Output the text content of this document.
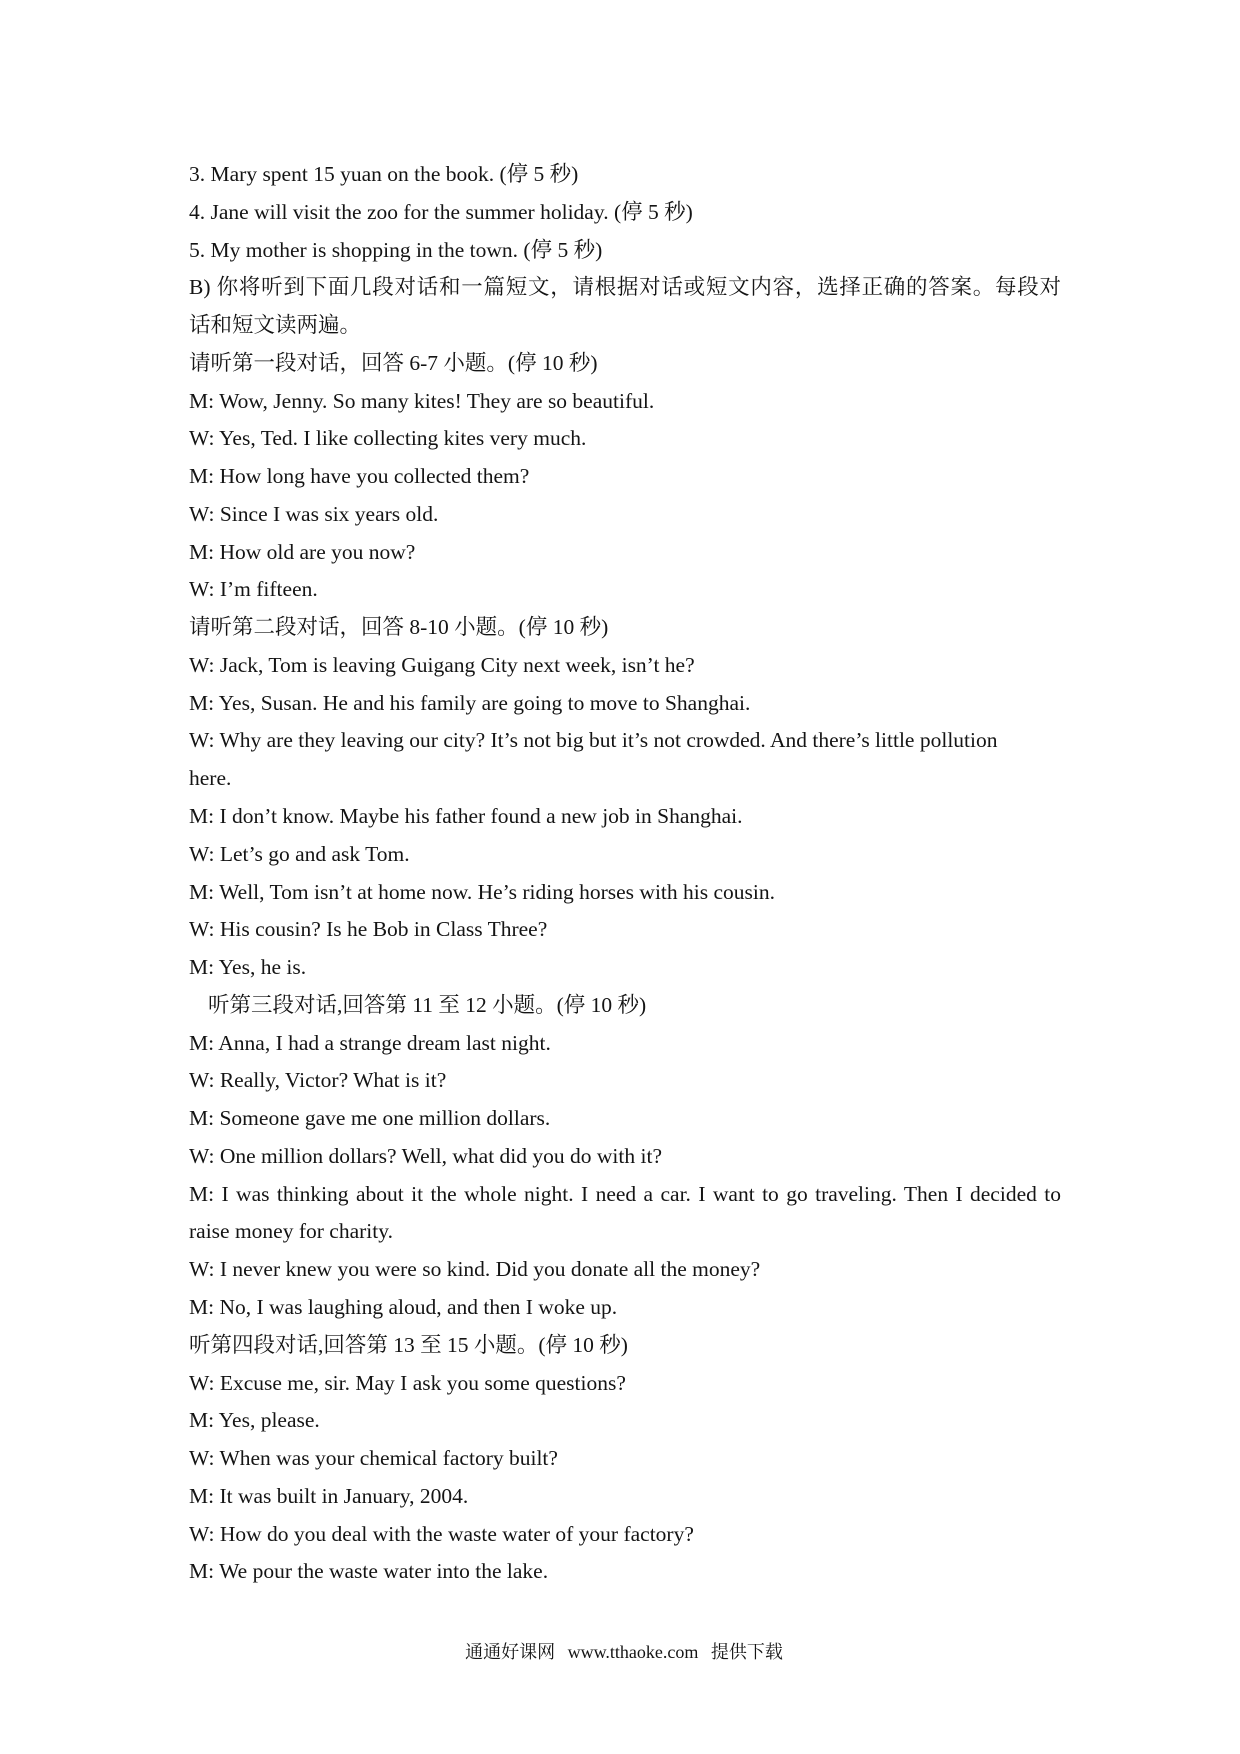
3. Mary spent 15 yuan on the book. (停 5 秒)
4. Jane will visit the zoo for the summer holiday. (停 5 秒)
5. My mother is shopping in the town. (停 5 秒)
B) 你将听到下面几段对话和一篇短文，请根据对话或短文内容，选择正确的答案。每段对
话和短文读两遍。
请听第一段对话，回答 6-7 小题。(停 10 秒)
M: Wow, Jenny. So many kites! They are so beautiful.
W: Yes, Ted. I like collecting kites very much.
M: How long have you collected them?
W: Since I was six years old.
M: How old are you now?
W: I’m fifteen.
请听第二段对话，回答 8-10 小题。(停 10 秒)
W: Jack, Tom is leaving Guigang City next week, isn’t he?
M: Yes, Susan. He and his family are going to move to Shanghai.
W: Why are they leaving our city? It’s not big but it’s not crowded. And there’s little pollution
here.
M: I don’t know. Maybe his father found a new job in Shanghai.
W: Let’s go and ask Tom.
M: Well, Tom isn’t at home now. He’s riding horses with his cousin.
W: His cousin? Is he Bob in Class Three?
M: Yes, he is.
听第三段对话,回答第 11 至 12 小题。(停 10 秒)
M: Anna, I had a strange dream last night.
W: Really, Victor? What is it?
M: Someone gave me one million dollars.
W: One million dollars? Well, what did you do with it?
M: I was thinking about it the whole night. I need a car. I want to go traveling. Then I decided to
raise money for charity.
W: I never knew you were so kind. Did you donate all the money?
M: No, I was laughing aloud, and then I woke up.
听第四段对话,回答第 13 至 15 小题。(停 10 秒)
W: Excuse me, sir. May I ask you some questions?
M: Yes, please.
W: When was your chemical factory built?
M: It was built in January, 2004.
W: How do you deal with the waste water of your factory?
M: We pour the waste water into the lake.
通通好课网 www.tthaoke.com 提供下载
